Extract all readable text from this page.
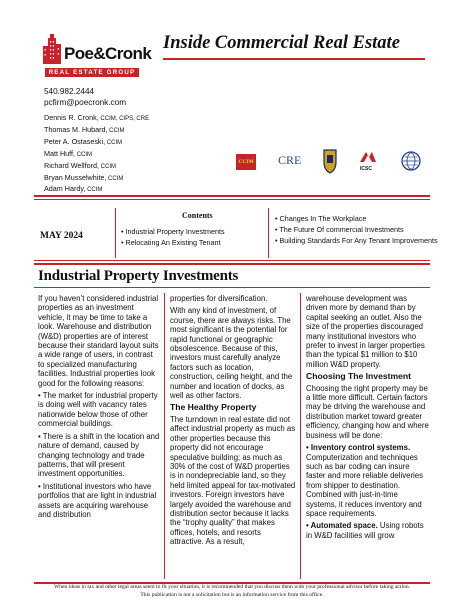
Poe&Cronk
REAL ESTATE GROUP
Inside Commercial Real Estate
540.982.2444
pcfirm@poecronk.com
Dennis R. Cronk, CCIM, CIPS, CRE
Thomas M. Hubard, CCIM
Peter A. Ostaseski, CCIM
Matt Huff, CCIM
Richard Wellford, CCIM
Bryan Musselwhite, CCIM
Adam Hardy, CCIM
CCIM CRE
ICSC
Contents
MAY 2024	• Industrial Property Investments
• Relocating An Existing Tenant
• Changes In The Workplace
• The Future Of commercial Investments
• Building Standards For Any Tenant Improvements
Industrial Property Investments

If you haven’t considered industrial properties as an investment vehicle, it may be time to take a look. Warehouse and distribution (W&D) properties are of interest because their standard layout suits a wide range of users, in contrast to specialized manufacturing facilities. Industrial properties look good for the following reasons:

• The market for industrial property is doing well with vacancy rates nationwide below those of other commercial buildings.

• There is a shift in the location and nature of demand, caused by changing technology and trade patterns, that will present investment opportunities.

• Institutional investors who have portfolios that are light in industrial assets are acquiring warehouse and distribution

properties for diversification.

With any kind of investment, of course, there are always risks. The most significant is the potential for rapid functional or geographic obsolescence. Because of this, investors must carefully analyze factors such as location, construction, ceiling height, and the number and location of docks, as well as other factors.

The Healthy Property

The turndown in real estate did not affect industrial property as much as other properties because this property did not encourage speculative building; as much as 30% of the cost of W&D properties is in nondepreciable land, so they held limited appeal for tax-motivated investors. Foreign investors have largely avoided the warehouse and distribution sector because it lacks the “trophy quality” that makes offices, hotels, and resorts attractive. As a result,

warehouse development was driven more by demand than by capital seeking an outlet. Also the size of the properties discouraged many institutional investors who prefer to invest in larger properties than the typical $1 million to $10 million W&D property.

Choosing The Investment

Choosing the right property may be a little more difficult. Certain factors may be driving the warehouse and distribution market toward greater efficiency, changing how and where business will be done:

• Inventory control systems. Computerization and techniques such as bar coding can insure faster and more reliable deliveries from shipper to destination. Combined with just-in-time systems, it reduces inventory and space requirements.

• Automated space. Using robots in W&D facilities will grow

When ideas in tax and other legal areas seem to fit your situation, it is recommended that you discuss them with your professional advisor before taking action.
This publication is not a solicitation but is an information service from this office.
